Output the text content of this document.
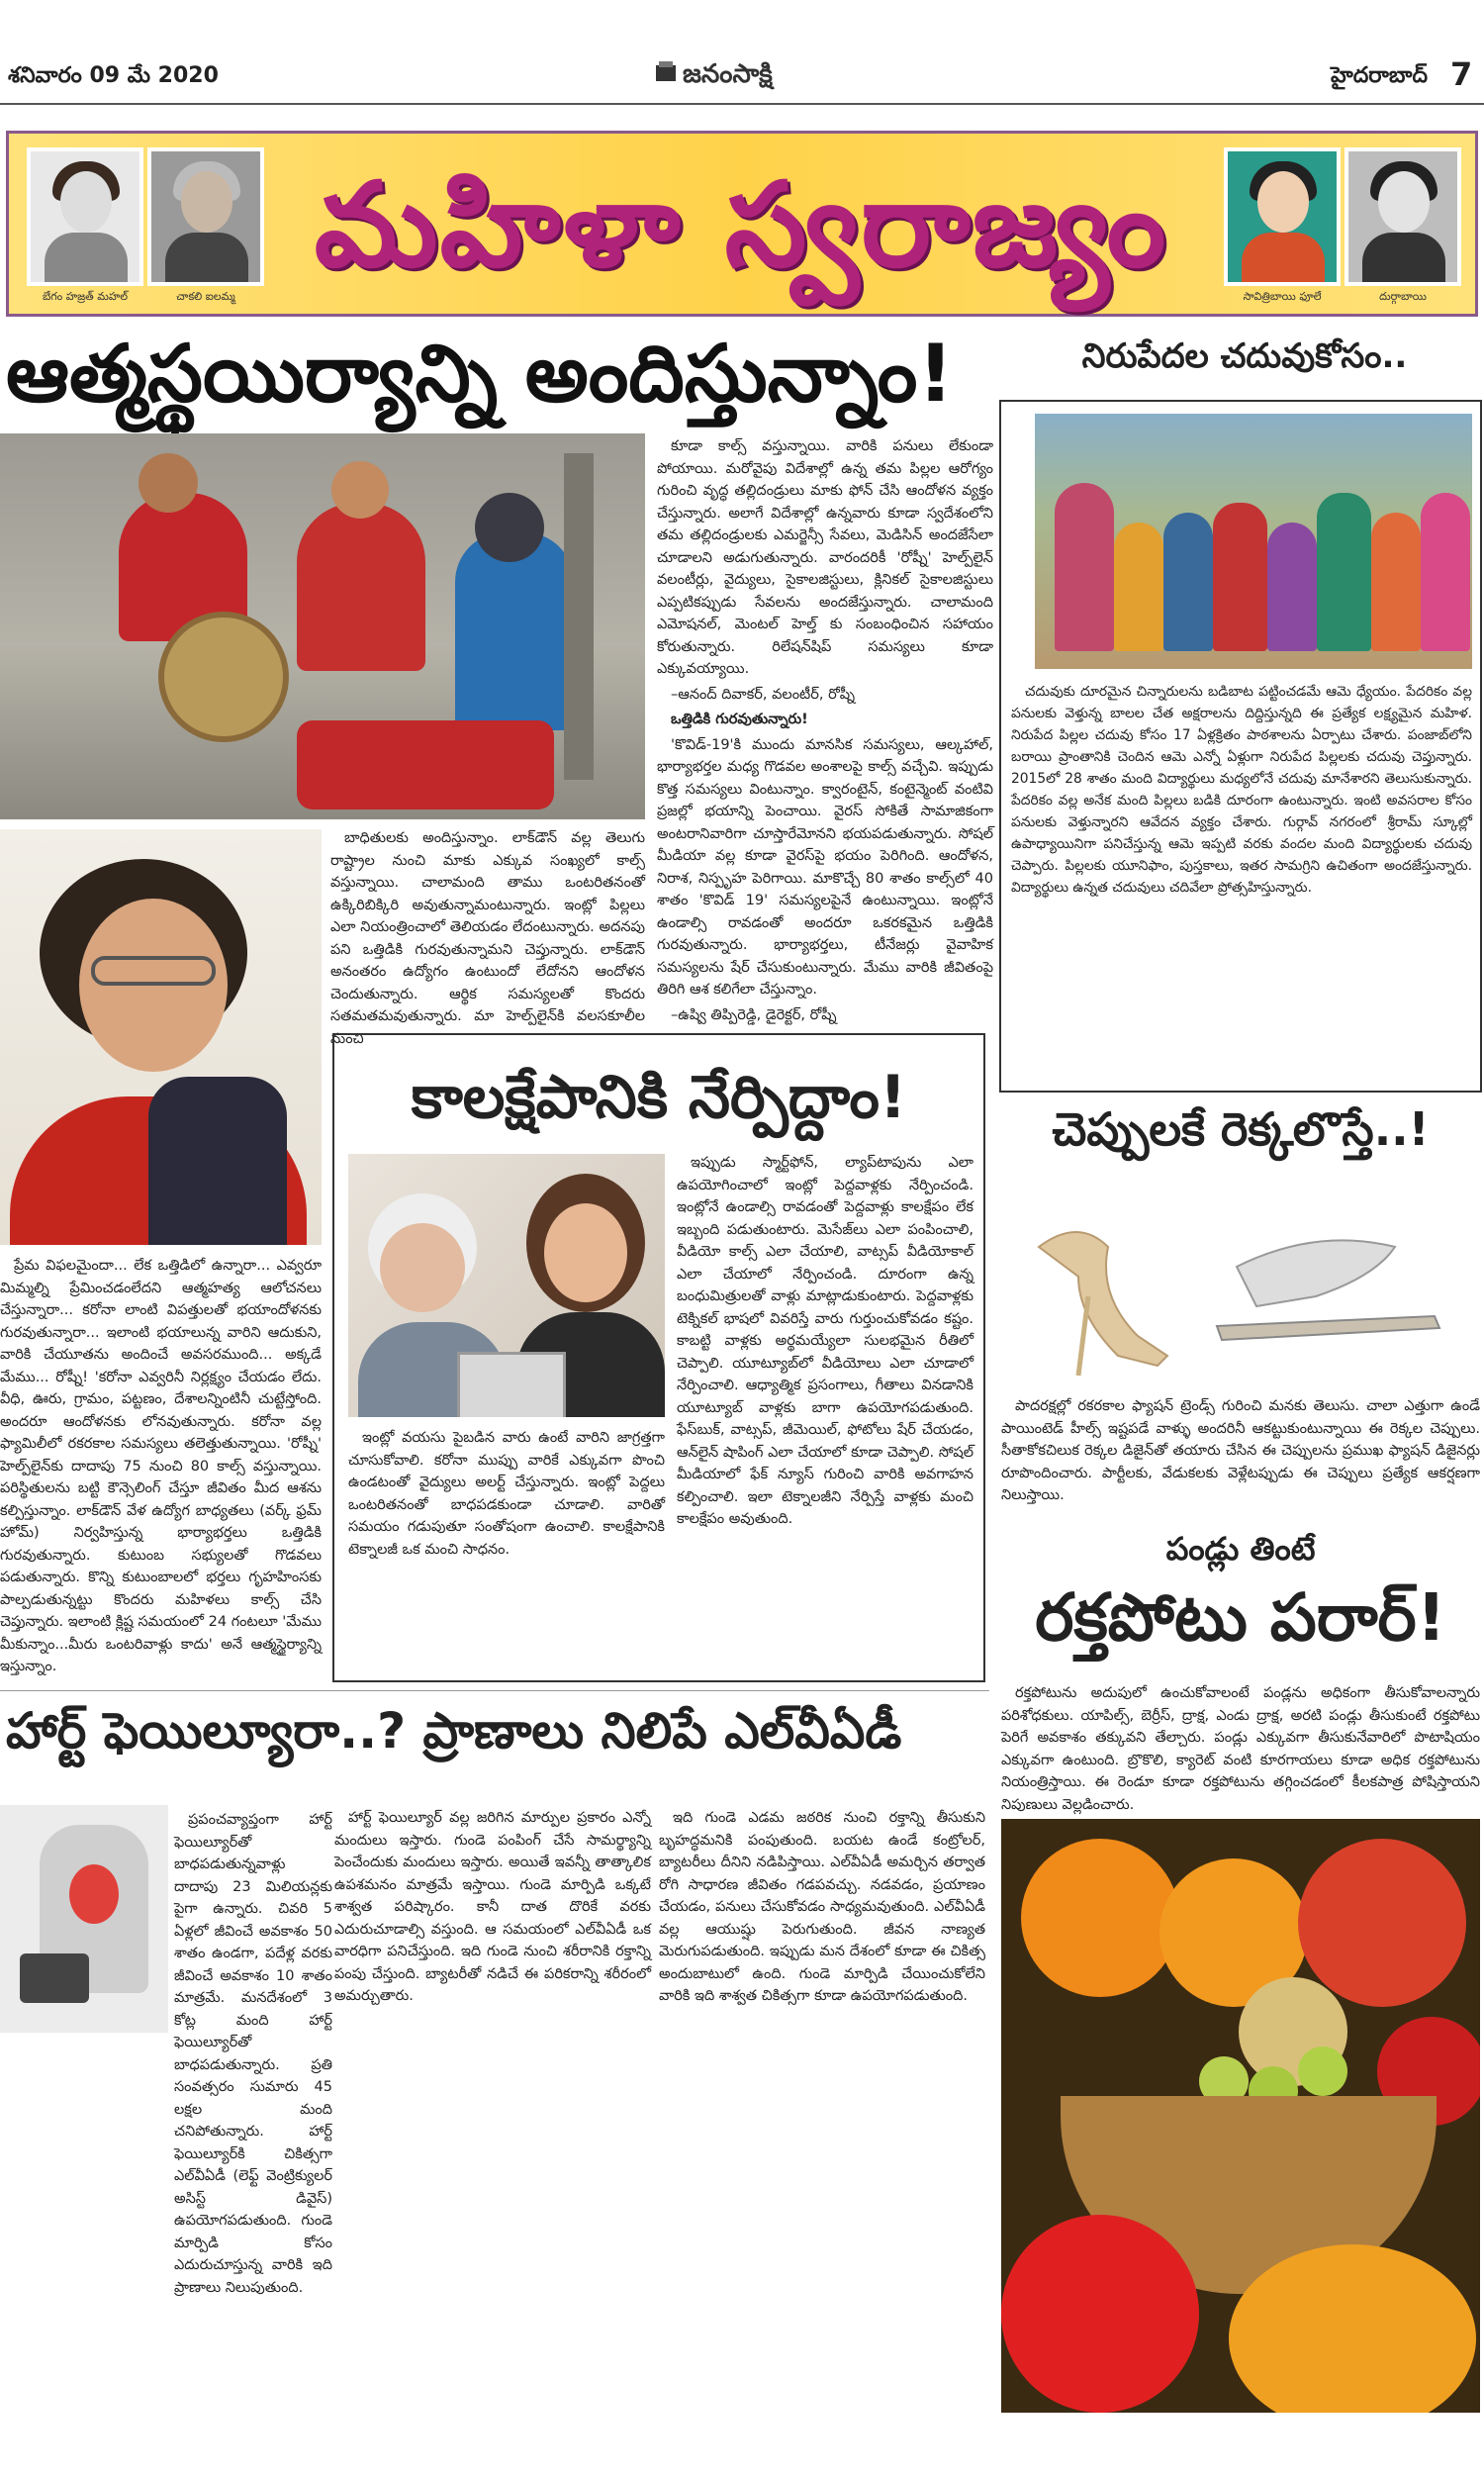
శనివారం 09 మే 2020	జనంసాక్షి	హైదరాబాద్ 7
బేగం హజ్రత్ మహల్	చాకలి ఐలమ్మ
మహిళా స్వరాజ్యం
సావిత్రిబాయి ఫూలే	దుర్గాబాయి
ఆత్మస్థయిర్యాన్ని అందిస్తున్నాం!

బాధితులకు అందిస్తున్నాం. లాక్‌డౌన్ వల్ల తెలుగు రాష్ట్రాల నుంచి మాకు ఎక్కువ సంఖ్యలో కాల్స్ వస్తున్నాయి. చాలామంది తాము ఒంటరితనంతో ఉక్కిరిబిక్కిరి అవుతున్నామంటున్నారు. ఇంట్లో పిల్లలు ఎలా నియంత్రించాలో తెలియడం లేదంటున్నారు. అదనపు పని ఒత్తిడికి గురవుతున్నామని చెప్తున్నారు. లాక్‌డౌన్ అనంతరం ఉద్యోగం ఉంటుందో లేదోనని ఆందోళన చెందుతున్నారు. ఆర్థిక సమస్యలతో కొందరు సతమతమవుతున్నారు. మా హెల్ప్‌లైన్‌కి వలసకూలీల నుంచి

కూడా కాల్స్ వస్తున్నాయి. వారికి పనులు లేకుండా పోయాయి. మరోవైపు విదేశాల్లో ఉన్న తమ పిల్లల ఆరోగ్యం గురించి వృద్ధ తల్లిదండ్రులు మాకు ఫోన్ చేసి ఆందోళన వ్యక్తం చేస్తున్నారు. అలాగే విదేశాల్లో ఉన్నవారు కూడా స్వదేశంలోని తమ తల్లిదండ్రులకు ఎమర్జెన్సీ సేవలు, మెడిసిన్ అందజేసేలా చూడాలని అడుగుతున్నారు. వారందరికీ 'రోష్నీ' హెల్ప్‌లైన్ వలంటీర్లు, వైద్యులు, సైకాలజిస్టులు, క్లినికల్ సైకాలజిస్టులు ఎప్పటికప్పుడు సేవలను అందజేస్తున్నారు. చాలామంది ఎమోషనల్, మెంటల్ హెల్త్ కు సంబంధించిన సహాయం కోరుతున్నారు. రిలేషన్‌షిప్ సమస్యలు కూడా ఎక్కువయ్యాయి.

–ఆనంద్ దివాకర్, వలంటీర్, రోష్నీ

ఒత్తిడికి గురవుతున్నారు!

'కొవిడ్-19'కి ముందు మానసిక సమస్యలు, ఆల్కహాల్, భార్యాభర్తల మధ్య గొడవల అంశాలపై కాల్స్ వచ్చేవి. ఇప్పుడు కొత్త సమస్యలు వింటున్నాం. క్వారంటైన్, కంటైన్మెంట్ వంటివి ప్రజల్లో భయాన్ని పెంచాయి. వైరస్ సోకితే సామాజికంగా అంటరానివారిగా చూస్తారేమోనని భయపడుతున్నారు. సోషల్ మీడియా వల్ల కూడా వైరస్‌పై భయం పెరిగింది. ఆందోళన, నిరాశ, నిస్పృహ పెరిగాయి. మాకొచ్చే 80 శాతం కాల్స్‌లో 40 శాతం 'కొవిడ్ 19' సమస్యలపైనే ఉంటున్నాయి. ఇంట్లోనే ఉండాల్సి రావడంతో అందరూ ఒకరకమైన ఒత్తిడికి గురవుతున్నారు. భార్యాభర్తలు, టీనేజర్లు వైవాహిక సమస్యలను షేర్ చేసుకుంటున్నారు. మేము వారికి జీవితంపై తిరిగి ఆశ కలిగేలా చేస్తున్నాం.

–ఉష్వి తిప్పిరెడ్డి, డైరెక్టర్, రోష్నీ

ప్రేమ విఫలమైందా... లేక ఒత్తిడిలో ఉన్నారా... ఎవ్వరూ మిమ్మల్ని ప్రేమించడంలేదని ఆత్మహత్య ఆలోచనలు చేస్తున్నారా... కరోనా లాంటి విపత్తులతో భయాందోళనకు గురవుతున్నారా... ఇలాంటి భయాలున్న వారిని ఆదుకుని, వారికి చేయూతను అందించే అవసరముంది... అక్కడే మేము... రోష్నీ! 'కరోనా ఎవ్వరినీ నిర్లక్ష్యం చేయడం లేదు. వీధి, ఊరు, గ్రామం, పట్టణం, దేశాలన్నింటినీ చుట్టేస్తోంది. అందరూ ఆందోళనకు లోనవుతున్నారు. కరోనా వల్ల ఫ్యామిలీలో రకరకాల సమస్యలు తలెత్తుతున్నాయి. 'రోష్నీ' హెల్ప్‌లైన్‌కు దాదాపు 75 నుంచి 80 కాల్స్ వస్తున్నాయి. పరిస్థితులను బట్టి కౌన్సెలింగ్ చేస్తూ జీవితం మీద ఆశను కల్పిస్తున్నాం. లాక్‌డౌన్ వేళ ఉద్యోగ బాధ్యతలు (వర్క్ ఫ్రమ్ హోమ్) నిర్వహిస్తున్న భార్యాభర్తలు ఒత్తిడికి గురవుతున్నారు. కుటుంబ సభ్యులతో గొడవలు పడుతున్నారు. కొన్ని కుటుంబాలలో భర్తలు గృహహింసకు పాల్పడుతున్నట్టు కొందరు మహిళలు కాల్స్ చేసి చెప్తున్నారు. ఇలాంటి క్లిష్ట సమయంలో 24 గంటలూ 'మేము మీకున్నాం...మీరు ఒంటరివాళ్లు కాదు' అనే ఆత్మస్థైర్యాన్ని ఇస్తున్నాం.

కాలక్షేపానికి నేర్పిద్దాం!

ఇంట్లో వయసు పైబడిన వారు ఉంటే వారిని జాగ్రత్తగా చూసుకోవాలి. కరోనా ముప్పు వారికే ఎక్కువగా పొంచి ఉండటంతో వైద్యులు అలర్ట్ చేస్తున్నారు. ఇంట్లో పెద్దలు ఒంటరితనంతో బాధపడకుండా చూడాలి. వారితో సమయం గడుపుతూ సంతోషంగా ఉంచాలి. కాలక్షేపానికి టెక్నాలజీ ఒక మంచి సాధనం.

ఇప్పుడు స్మార్ట్‌ఫోన్, ల్యాప్‌టాపును ఎలా ఉపయోగించాలో ఇంట్లో పెద్దవాళ్లకు నేర్పించండి. ఇంట్లోనే ఉండాల్సి రావడంతో పెద్దవాళ్లు కాలక్షేపం లేక ఇబ్బంది పడుతుంటారు. మెసేజ్‌లు ఎలా పంపించాలి, వీడియో కాల్స్ ఎలా చేయాలి, వాట్సప్ వీడియోకాల్ ఎలా చేయాలో నేర్పించండి. దూరంగా ఉన్న బంధుమిత్రులతో వాళ్లు మాట్లాడుకుంటారు. పెద్దవాళ్లకు టెక్నికల్ భాషలో వివరిస్తే వారు గుర్తుంచుకోవడం కష్టం. కాబట్టి వాళ్లకు అర్థమయ్యేలా సులభమైన రీతిలో చెప్పాలి. యూట్యూబ్‌లో వీడియోలు ఎలా చూడాలో నేర్పించాలి. ఆధ్యాత్మిక ప్రసంగాలు, గీతాలు వినడానికి యూట్యూబ్ వాళ్లకు బాగా ఉపయోగపడుతుంది. ఫేస్‌బుక్, వాట్సప్, జీమెయిల్, ఫోటోలు షేర్ చేయడం, ఆన్‌లైన్ షాపింగ్ ఎలా చేయాలో కూడా చెప్పాలి. సోషల్ మీడియాలో ఫేక్ న్యూస్ గురించి వారికి అవగాహన కల్పించాలి. ఇలా టెక్నాలజీని నేర్పిస్తే వాళ్లకు మంచి కాలక్షేపం అవుతుంది.

నిరుపేదల చదువుకోసం..

చదువుకు దూరమైన చిన్నారులను బడిబాట పట్టించడమే ఆమె ధ్యేయం. పేదరికం వల్ల పనులకు వెళ్తున్న బాలల చేత అక్షరాలను దిద్దిస్తున్నది ఈ ప్రత్యేక లక్ష్యమైన మహిళ. నిరుపేద పిల్లల చదువు కోసం 17 ఏళ్లక్రితం పాఠశాలను ఏర్పాటు చేశారు. పంజాబ్‌లోని బరాయి ప్రాంతానికి చెందిన ఆమె ఎన్నో ఏళ్లుగా నిరుపేద పిల్లలకు చదువు చెప్తున్నారు. 2015లో 28 శాతం మంది విద్యార్థులు మధ్యలోనే చదువు మానేశారని తెలుసుకున్నారు. పేదరికం వల్ల అనేక మంది పిల్లలు బడికి దూరంగా ఉంటున్నారు. ఇంటి అవసరాల కోసం పనులకు వెళ్తున్నారని ఆవేదన వ్యక్తం చేశారు. గుర్గావ్ నగరంలో శ్రీరామ్ స్కూల్లో ఉపాధ్యాయినిగా పనిచేస్తున్న ఆమె ఇప్పటి వరకు వందల మంది విద్యార్థులకు చదువు చెప్పారు. పిల్లలకు యూనిఫాం, పుస్తకాలు, ఇతర సామగ్రిని ఉచితంగా అందజేస్తున్నారు. విద్యార్థులు ఉన్నత చదువులు చదివేలా ప్రోత్సహిస్తున్నారు.

చెప్పులకే రెక్కలొస్తే..!

పాదరక్షల్లో రకరకాల ఫ్యాషన్ ట్రెండ్స్ గురించి మనకు తెలుసు. చాలా ఎత్తుగా ఉండే పాయింటెడ్ హీల్స్ ఇష్టపడే వాళ్ళు అందరినీ ఆకట్టుకుంటున్నాయి ఈ రెక్కల చెప్పులు. సీతాకోకచిలుక రెక్కల డిజైన్‌తో తయారు చేసిన ఈ చెప్పులను ప్రముఖ ఫ్యాషన్ డిజైనర్లు రూపొందించారు. పార్టీలకు, వేడుకలకు వెళ్లేటప్పుడు ఈ చెప్పులు ప్రత్యేక ఆకర్షణగా నిలుస్తాయి.

పండ్లు తింటే
రక్తపోటు పరార్!

రక్తపోటును అదుపులో ఉంచుకోవాలంటే పండ్లను అధికంగా తీసుకోవాలన్నారు పరిశోధకులు. యాపిల్స్, బెర్రీస్, ద్రాక్ష, ఎండు ద్రాక్ష, అరటి పండ్లు తీసుకుంటే రక్తపోటు పెరిగే అవకాశం తక్కువని తేల్చారు. పండ్లు ఎక్కువగా తీసుకునేవారిలో పొటాషియం ఎక్కువగా ఉంటుంది. బ్రొకొలి, క్యారెట్ వంటి కూరగాయలు కూడా అధిక రక్తపోటును నియంత్రిస్తాయి. ఈ రెండూ కూడా రక్తపోటును తగ్గించడంలో కీలకపాత్ర పోషిస్తాయని నిపుణులు వెల్లడించారు.

హార్ట్ ఫెయిల్యూరా..? ప్రాణాలు నిలిపే ఎల్‌వీఏడీ

ప్రపంచవ్యాప్తంగా హార్ట్ ఫెయిల్యూర్‌తో బాధపడుతున్నవాళ్లు దాదాపు 23 మిలియన్లకు పైగా ఉన్నారు. చివరి 5 ఏళ్లలో జీవించే అవకాశం 50 శాతం ఉండగా, పదేళ్ల వరకు జీవించే అవకాశం 10 శాతం మాత్రమే. మనదేశంలో 3 కోట్ల మంది హార్ట్ ఫెయిల్యూర్‌తో బాధపడుతున్నారు. ప్రతి సంవత్సరం సుమారు 45 లక్షల మంది చనిపోతున్నారు. హార్ట్ ఫెయిల్యూర్‌కి చికిత్సగా ఎల్‌వీఏడీ (లెఫ్ట్ వెంట్రిక్యులర్ అసిస్ట్ డివైస్) ఉపయోగపడుతుంది. గుండె మార్పిడి కోసం ఎదురుచూస్తున్న వారికి ఇది ప్రాణాలు నిలుపుతుంది.

హార్ట్ ఫెయిల్యూర్ వల్ల జరిగిన మార్పుల ప్రకారం ఎన్నో మందులు ఇస్తారు. గుండె పంపింగ్ చేసే సామర్థ్యాన్ని పెంచేందుకు మందులు ఇస్తారు. అయితే ఇవన్నీ తాత్కాలిక ఉపశమనం మాత్రమే ఇస్తాయి. గుండె మార్పిడి ఒక్కటే శాశ్వత పరిష్కారం. కానీ దాత దొరికే వరకు ఎదురుచూడాల్సి వస్తుంది. ఆ సమయంలో ఎల్‌వీఏడీ ఒక వారధిగా పనిచేస్తుంది. ఇది గుండె నుంచి శరీరానికి రక్తాన్ని పంపు చేస్తుంది. బ్యాటరీతో నడిచే ఈ పరికరాన్ని శరీరంలో అమర్చుతారు.

ఇది గుండె ఎడమ జఠరిక నుంచి రక్తాన్ని తీసుకుని బృహద్ధమనికి పంపుతుంది. బయట ఉండే కంట్రోలర్, బ్యాటరీలు దీనిని నడిపిస్తాయి. ఎల్‌వీఏడీ అమర్చిన తర్వాత రోగి సాధారణ జీవితం గడపవచ్చు. నడవడం, ప్రయాణం చేయడం, పనులు చేసుకోవడం సాధ్యమవుతుంది. ఎల్‌వీఏడీ వల్ల ఆయుష్షు పెరుగుతుంది. జీవన నాణ్యత మెరుగుపడుతుంది. ఇప్పుడు మన దేశంలో కూడా ఈ చికిత్స అందుబాటులో ఉంది. గుండె మార్పిడి చేయించుకోలేని వారికి ఇది శాశ్వత చికిత్సగా కూడా ఉపయోగపడుతుంది.
